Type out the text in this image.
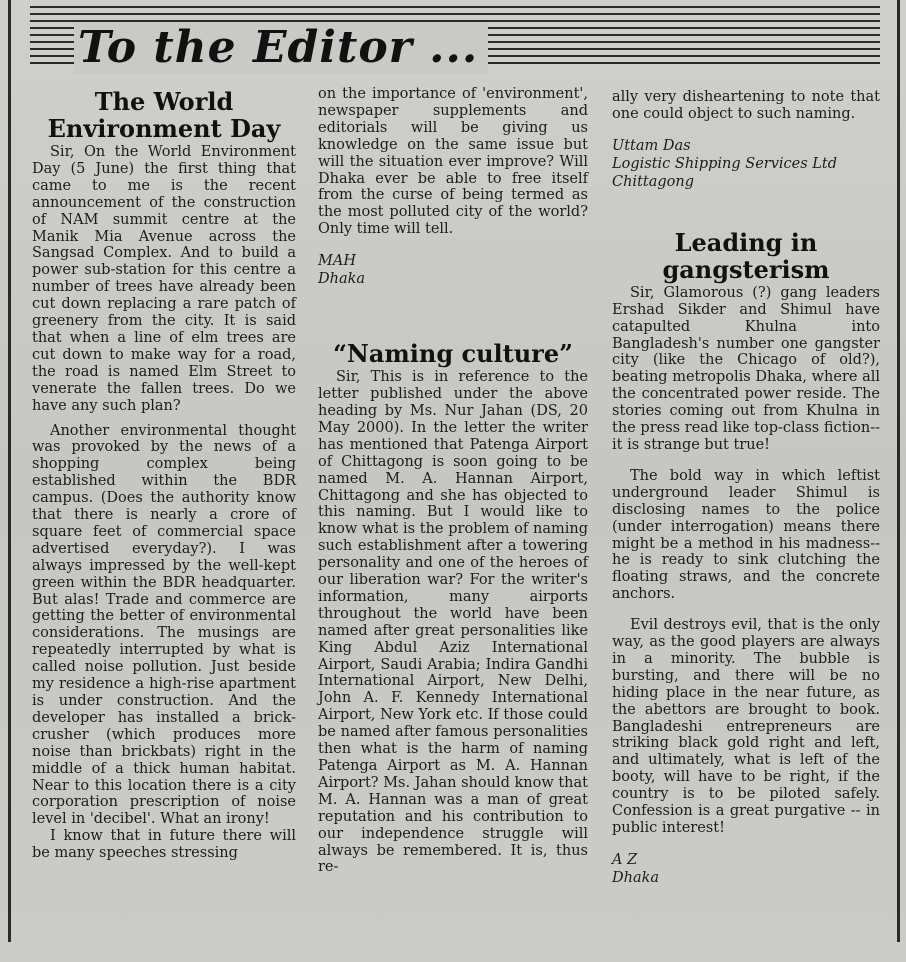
To the Editor ...
The World Environment Day

Sir, On the World Environment Day (5 June) the first thing that came to me is the recent announcement of the construction of NAM summit centre at the Manik Mia Avenue across the Sangsad Complex. And to build a power sub-station for this centre a number of trees have already been cut down replacing a rare patch of greenery from the city. It is said that when a line of elm trees are cut down to make way for a road, the road is named Elm Street to venerate the fallen trees. Do we have any such plan?

Another environmental thought was provoked by the news of a shopping complex being established within the BDR campus. (Does the authority know that there is nearly a crore of square feet of commercial space advertised everyday?). I was always impressed by the well-kept green within the BDR headquarter. But alas! Trade and commerce are getting the better of environmental considerations. The musings are repeatedly interrupted by what is called noise pollution. Just beside my residence a high-rise apartment is under construction. And the developer has installed a brick-crusher (which produces more noise than brickbats) right in the middle of a thick human habitat. Near to this location there is a city corporation prescription of noise level in 'decibel'. What an irony!

I know that in future there will be many speeches stressing

on the importance of 'environment', newspaper supplements and editorials will be giving us knowledge on the same issue but will the situation ever improve? Will Dhaka ever be able to free itself from the curse of being termed as the most polluted city of the world? Only time will tell.

MAH
Dhaka
“Naming culture”

Sir, This is in reference to the letter published under the above heading by Ms. Nur Jahan (DS, 20 May 2000). In the letter the writer has mentioned that Patenga Airport of Chittagong is soon going to be named M. A. Hannan Airport, Chittagong and she has objected to this naming. But I would like to know what is the problem of naming such establishment after a towering personality and one of the heroes of our liberation war? For the writer's information, many airports throughout the world have been named after great personalities like King Abdul Aziz International Airport, Saudi Arabia; Indira Gandhi International Airport, New Delhi, John A. F. Kennedy International Airport, New York etc. If those could be named after famous personalities then what is the harm of naming Patenga Airport as M. A. Hannan Airport? Ms. Jahan should know that M. A. Hannan was a man of great reputation and his contribution to our independence struggle will always be remembered. It is, thus re-

ally very disheartening to note that one could object to such naming.

Uttam Das
Logistic Shipping Services Ltd
Chittagong
Leading in gangsterism

Sir, Glamorous (?) gang leaders Ershad Sikder and Shimul have catapulted Khulna into Bangladesh's number one gangster city (like the Chicago of old?), beating metropolis Dhaka, where all the concentrated power reside. The stories coming out from Khulna in the press read like top-class fiction-- it is strange but true!

The bold way in which leftist underground leader Shimul is disclosing names to the police (under interrogation) means there might be a method in his madness-- he is ready to sink clutching the floating straws, and the concrete anchors.

Evil destroys evil, that is the only way, as the good players are always in a minority. The bubble is bursting, and there will be no hiding place in the near future, as the abettors are brought to book. Bangladeshi entrepreneurs are striking black gold right and left, and ultimately, what is left of the booty, will have to be right, if the country is to be piloted safely. Confession is a great purgative -- in public interest!

A Z
Dhaka
